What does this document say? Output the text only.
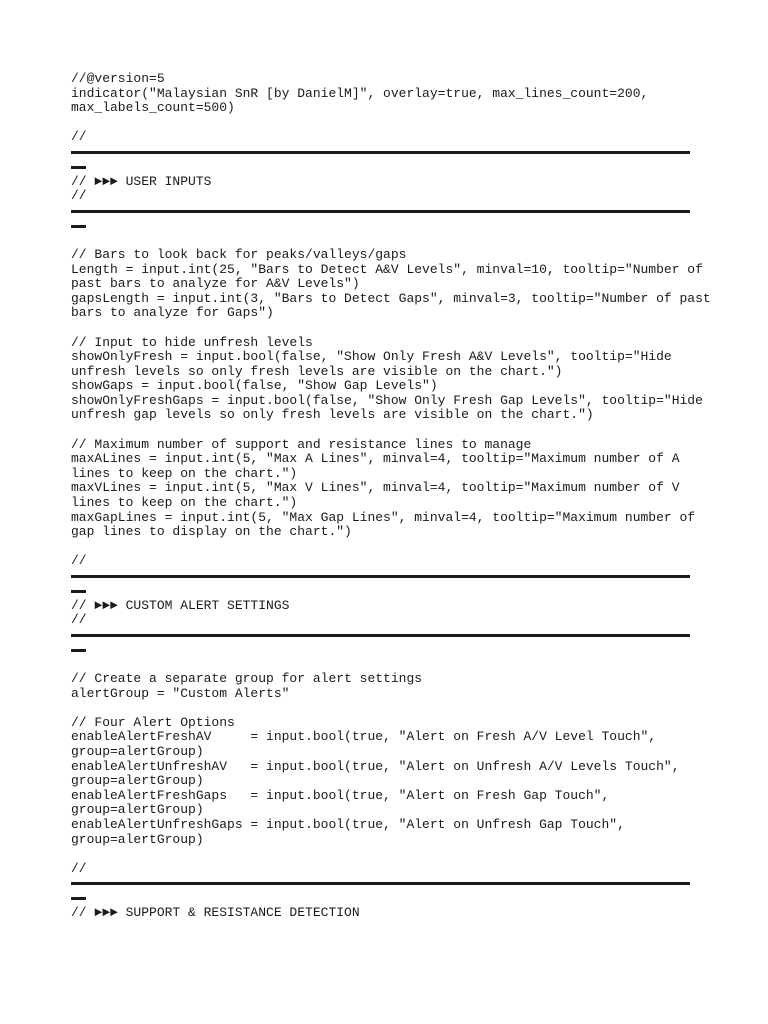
//@version=5
indicator("Malaysian SnR [by DanielM]", overlay=true, max_lines_count=200,
max_labels_count=500)
//
// ►►► USER INPUTS
//
// Bars to look back for peaks/valleys/gaps
Length = input.int(25, "Bars to Detect A&V Levels", minval=10, tooltip="Number of
past bars to analyze for A&V Levels")
gapsLength = input.int(3, "Bars to Detect Gaps", minval=3, tooltip="Number of past
bars to analyze for Gaps")
// Input to hide unfresh levels
showOnlyFresh = input.bool(false, "Show Only Fresh A&V Levels", tooltip="Hide
unfresh levels so only fresh levels are visible on the chart.")
showGaps = input.bool(false, "Show Gap Levels")
showOnlyFreshGaps = input.bool(false, "Show Only Fresh Gap Levels", tooltip="Hide
unfresh gap levels so only fresh levels are visible on the chart.")
// Maximum number of support and resistance lines to manage
maxALines = input.int(5, "Max A Lines", minval=4, tooltip="Maximum number of A
lines to keep on the chart.")
maxVLines = input.int(5, "Max V Lines", minval=4, tooltip="Maximum number of V
lines to keep on the chart.")
maxGapLines = input.int(5, "Max Gap Lines", minval=4, tooltip="Maximum number of
gap lines to display on the chart.")
//
// ►►► CUSTOM ALERT SETTINGS
//
// Create a separate group for alert settings
alertGroup = "Custom Alerts"
// Four Alert Options
enableAlertFreshAV     = input.bool(true, "Alert on Fresh A/V Level Touch",
group=alertGroup)
enableAlertUnfreshAV   = input.bool(true, "Alert on Unfresh A/V Levels Touch",
group=alertGroup)
enableAlertFreshGaps   = input.bool(true, "Alert on Fresh Gap Touch",
group=alertGroup)
enableAlertUnfreshGaps = input.bool(true, "Alert on Unfresh Gap Touch",
group=alertGroup)
//
// ►►► SUPPORT & RESISTANCE DETECTION
